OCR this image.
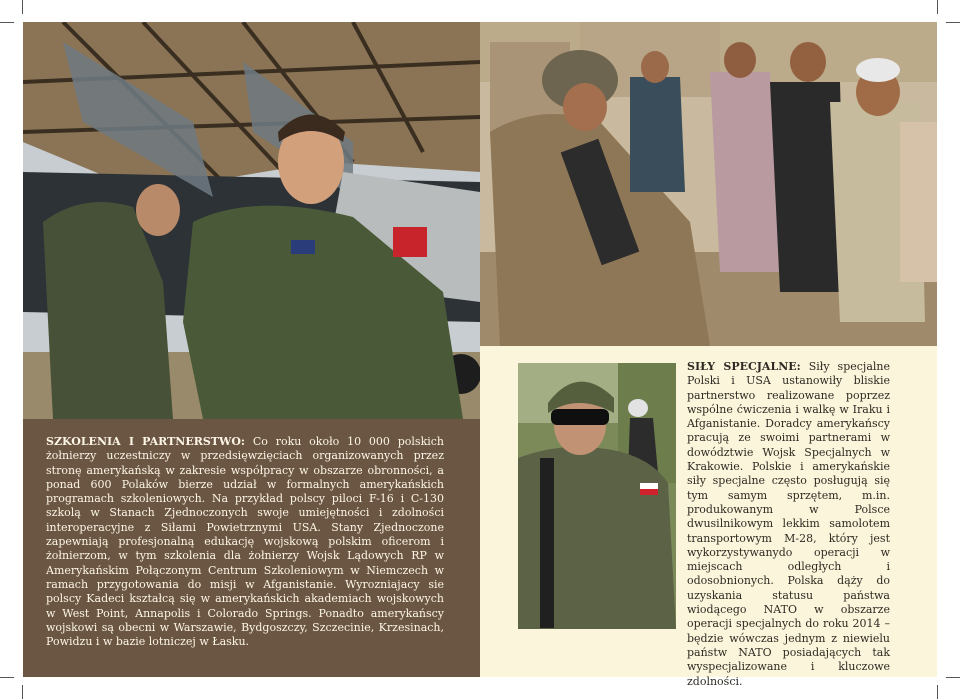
SZKOLENIA I PARTNERSTWO: Co roku około 10 000 polskich żołnierzy uczestniczy w przedsięwzięciach organizowanych przez stronę amerykańską w zakresie współpracy w obszarze obronności, a ponad 600 Polaków bierze udział w formalnych amerykańskich programach szkoleniowych. Na przykład polscy piloci F-16 i C-130 szkolą w Stanach Zjednoczonych swoje umiejętności i zdolności interoperacyjne z Siłami Powietrznymi USA. Stany Zjednoczone zapewniają profesjonalną edukację wojskową polskim oficerom i żołnierzom, w tym szkolenia dla żołnierzy Wojsk Lądowych RP w Amerykańskim Połączonym Centrum Szkoleniowym w Niemczech w ramach przygotowania do misji w Afganistanie. Wyrozniajacy sie polscy Kadeci kształcą się w amerykańskich akademiach wojskowych w West Point, Annapolis i Colorado Springs. Ponadto amerykańscy wojskowi są obecni w Warszawie, Bydgoszczy, Szczecinie, Krzesinach, Powidzu i w bazie lotniczej w Łasku.
SIŁY SPECJALNE: Siły specjalne Polski i USA ustanowiły bliskie partnerstwo realizowane poprzez wspólne ćwiczenia i walkę w Iraku i Afganistanie. Doradcy amerykańscy pracują ze swoimi partnerami w dowództwie Wojsk Specjalnych w Krakowie. Polskie i amerykańskie siły specjalne często posługują się tym samym sprzętem, m.in. produkowanym w Polsce dwusilnikowym lekkim samolotem transportowym M-28, który jest wykorzystywanydo operacji w miejscach odległych i odosobnionych. Polska dąży do uzyskania statusu państwa wiodącego NATO w obszarze operacji specjalnych do roku 2014 – będzie wówczas jednym z niewielu państw NATO posiadających tak wyspecjalizowane i kluczowe zdolności.
